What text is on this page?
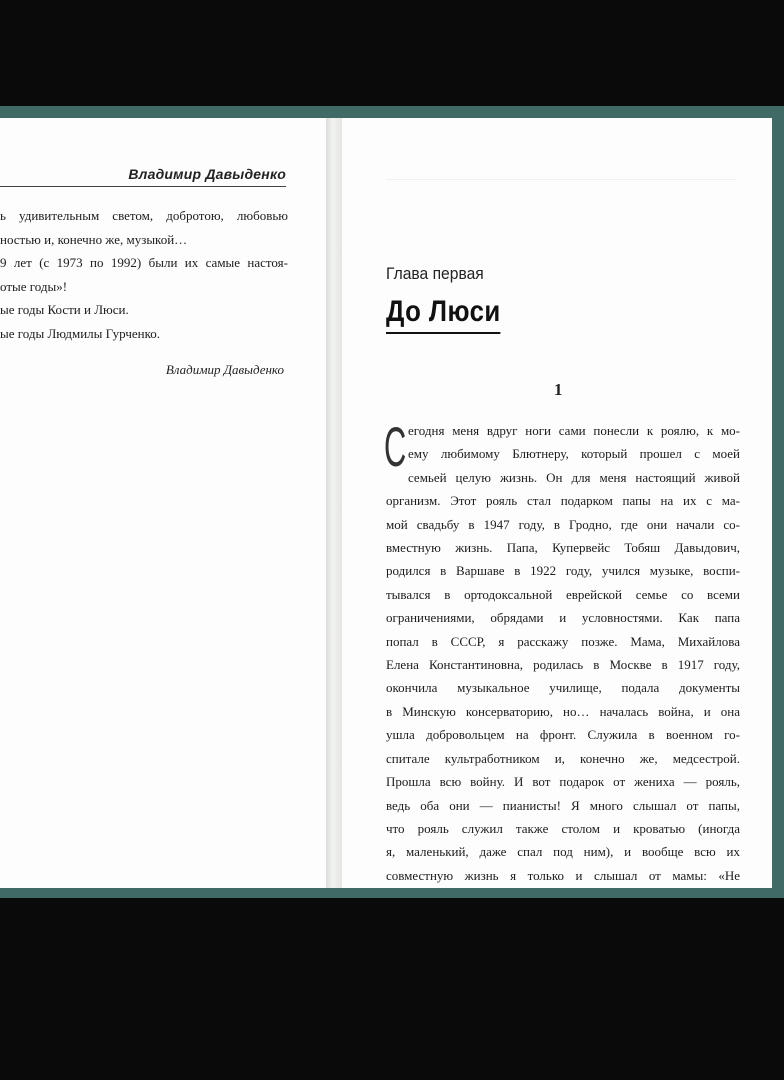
Владимир Давыденко
ь удивительным светом, добротою, любовью
ностью и, конечно же, музыкой…
9 лет (с 1973 по 1992) были их самые настоя-
отые годы»!
ые годы Кости и Люси.
ые годы Людмилы Гурченко.
Владимир Давыденко

Глава первая
До Люси
1
С егодня меня вдруг ноги сами понесли к роялю, к мо-
ему любимому Блютнеру, который прошел с моей
семьей целую жизнь. Он для меня настоящий живой
организм. Этот рояль стал подарком папы на их с ма-
мой свадьбу в 1947 году, в Гродно, где они начали со-
вместную жизнь. Папа, Купервейс Тобяш Давыдович,
родился в Варшаве в 1922 году, учился музыке, воспи-
тывался в ортодоксальной еврейской семье со всеми
ограничениями, обрядами и условностями. Как папа
попал в СССР, я расскажу позже. Мама, Михайлова
Елена Константиновна, родилась в Москве в 1917 году,
окончила музыкальное училище, подала документы
в Минскую консерваторию, но… началась война, и она
ушла добровольцем на фронт. Служила в военном го-
спитале культработником и, конечно же, медсестрой.
Прошла всю войну. И вот подарок от жениха — рояль,
ведь оба они — пианисты! Я много слышал от папы,
что рояль служил также столом и кроватью (иногда
я, маленький, даже спал под ним), и вообще всю их
совместную жизнь я только и слышал от мамы: «Не
